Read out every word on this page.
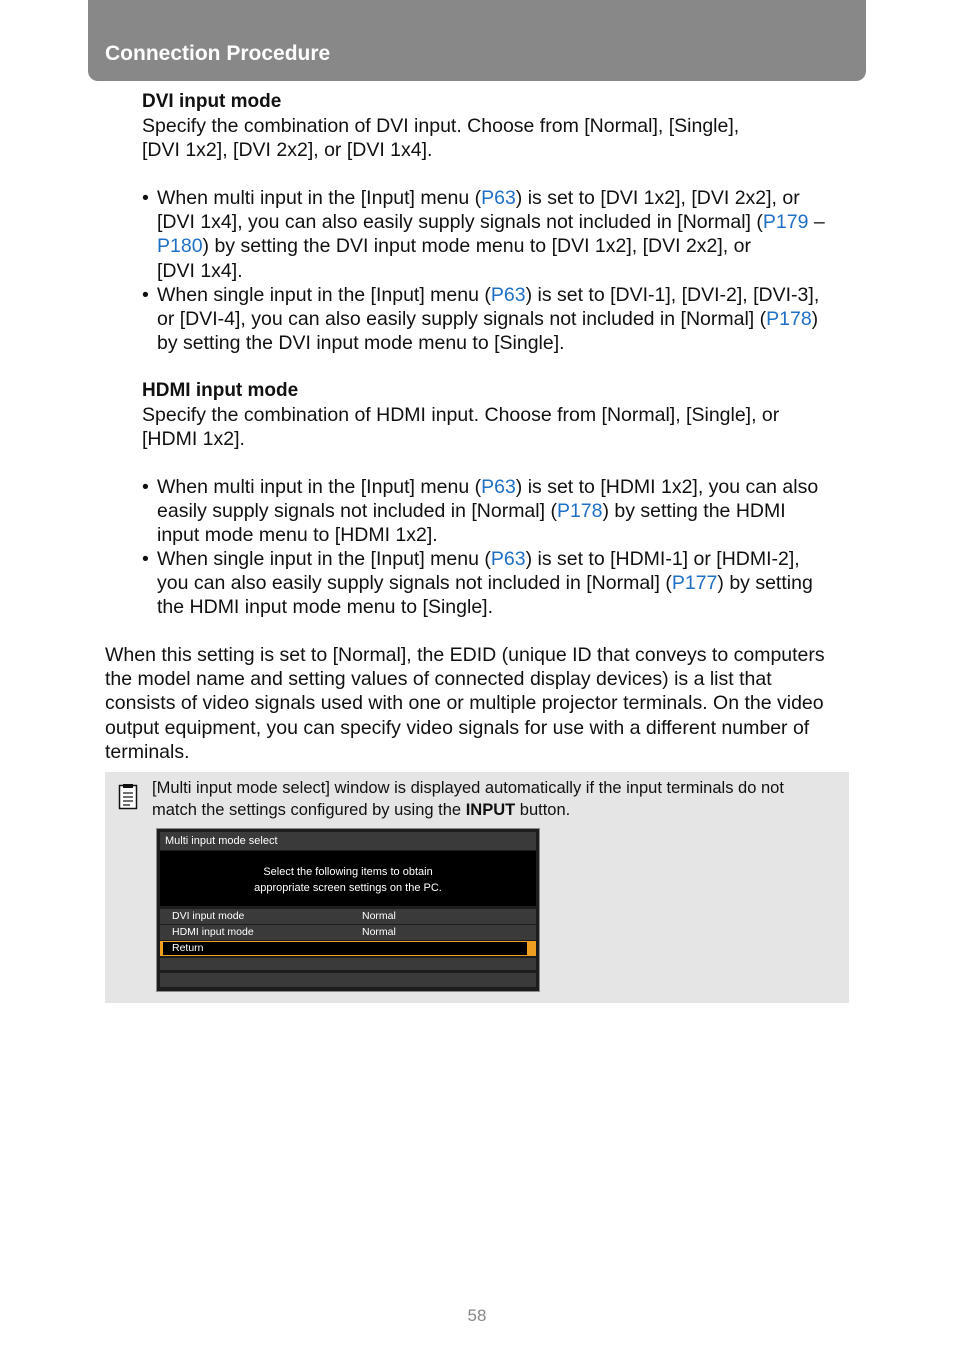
Connection Procedure
DVI input mode
Specify the combination of DVI input. Choose from [Normal], [Single],
[DVI 1x2], [DVI 2x2], or [DVI 1x4].
• When multi input in the [Input] menu (P63) is set to [DVI 1x2], [DVI 2x2], or
[DVI 1x4], you can also easily supply signals not included in [Normal] (P179 –
P180) by setting the DVI input mode menu to [DVI 1x2], [DVI 2x2], or
[DVI 1x4].
• When single input in the [Input] menu (P63) is set to [DVI-1], [DVI-2], [DVI-3],
or [DVI-4], you can also easily supply signals not included in [Normal] (P178)
by setting the DVI input mode menu to [Single].
HDMI input mode
Specify the combination of HDMI input. Choose from [Normal], [Single], or
[HDMI 1x2].
• When multi input in the [Input] menu (P63) is set to [HDMI 1x2], you can also
easily supply signals not included in [Normal] (P178) by setting the HDMI
input mode menu to [HDMI 1x2].
• When single input in the [Input] menu (P63) is set to [HDMI-1] or [HDMI-2],
you can also easily supply signals not included in [Normal] (P177) by setting
the HDMI input mode menu to [Single].
When this setting is set to [Normal], the EDID (unique ID that conveys to computers
the model name and setting values of connected display devices) is a list that
consists of video signals used with one or multiple projector terminals. On the video
output equipment, you can specify video signals for use with a different number of
terminals.
[Multi input mode select] window is displayed automatically if the input terminals do not
match the settings configured by using the INPUT button.
Multi input mode select
Select the following items to obtain
appropriate screen settings on the PC.
DVI input mode	Normal
HDMI input mode	Normal
Return
58
